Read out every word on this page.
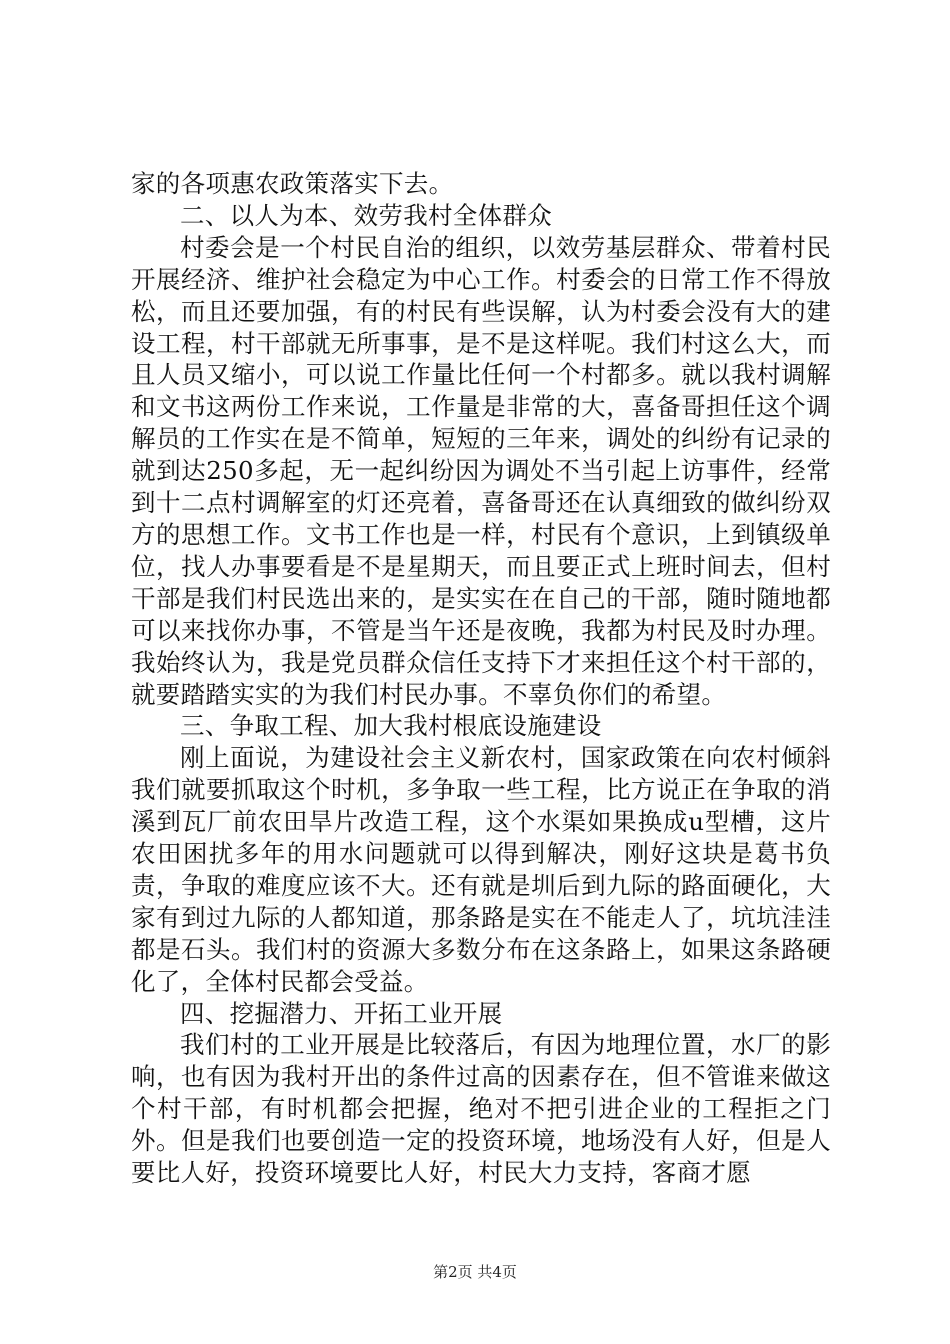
家的各项惠农政策落实下去。

二、以人为本、效劳我村全体群众

村委会是一个村民自治的组织，以效劳基层群众、带着村民开展经济、维护社会稳定为中心工作。村委会的日常工作不得放松，而且还要加强，有的村民有些误解，认为村委会没有大的建设工程，村干部就无所事事，是不是这样呢。我们村这么大，而且人员又缩小，可以说工作量比任何一个村都多。就以我村调解和文书这两份工作来说，工作量是非常的大，喜备哥担任这个调解员的工作实在是不简单，短短的三年来，调处的纠纷有记录的就到达250多起，无一起纠纷因为调处不当引起上访事件，经常到十二点村调解室的灯还亮着，喜备哥还在认真细致的做纠纷双方的思想工作。文书工作也是一样，村民有个意识，上到镇级单位，找人办事要看是不是星期天，而且要正式上班时间去，但村干部是我们村民选出来的，是实实在在自己的干部，随时随地都可以来找你办事，不管是当午还是夜晚，我都为村民及时办理。我始终认为，我是党员群众信任支持下才来担任这个村干部的，就要踏踏实实的为我们村民办事。不辜负你们的希望。

三、争取工程、加大我村根底设施建设

刚上面说，为建设社会主义新农村，国家政策在向农村倾斜我们就要抓取这个时机，多争取一些工程，比方说正在争取的消溪到瓦厂前农田旱片改造工程，这个水渠如果换成u型槽，这片农田困扰多年的用水问题就可以得到解决，刚好这块是葛书负责，争取的难度应该不大。还有就是圳后到九际的路面硬化，大家有到过九际的人都知道，那条路是实在不能走人了，坑坑洼洼都是石头。我们村的资源大多数分布在这条路上，如果这条路硬化了，全体村民都会受益。

四、挖掘潜力、开拓工业开展

我们村的工业开展是比较落后，有因为地理位置，水厂的影响，也有因为我村开出的条件过高的因素存在，但不管谁来做这个村干部，有时机都会把握，绝对不把引进企业的工程拒之门外。但是我们也要创造一定的投资环境，地场没有人好，但是人要比人好，投资环境要比人好，村民大力支持，客商才愿

第2页 共4页
